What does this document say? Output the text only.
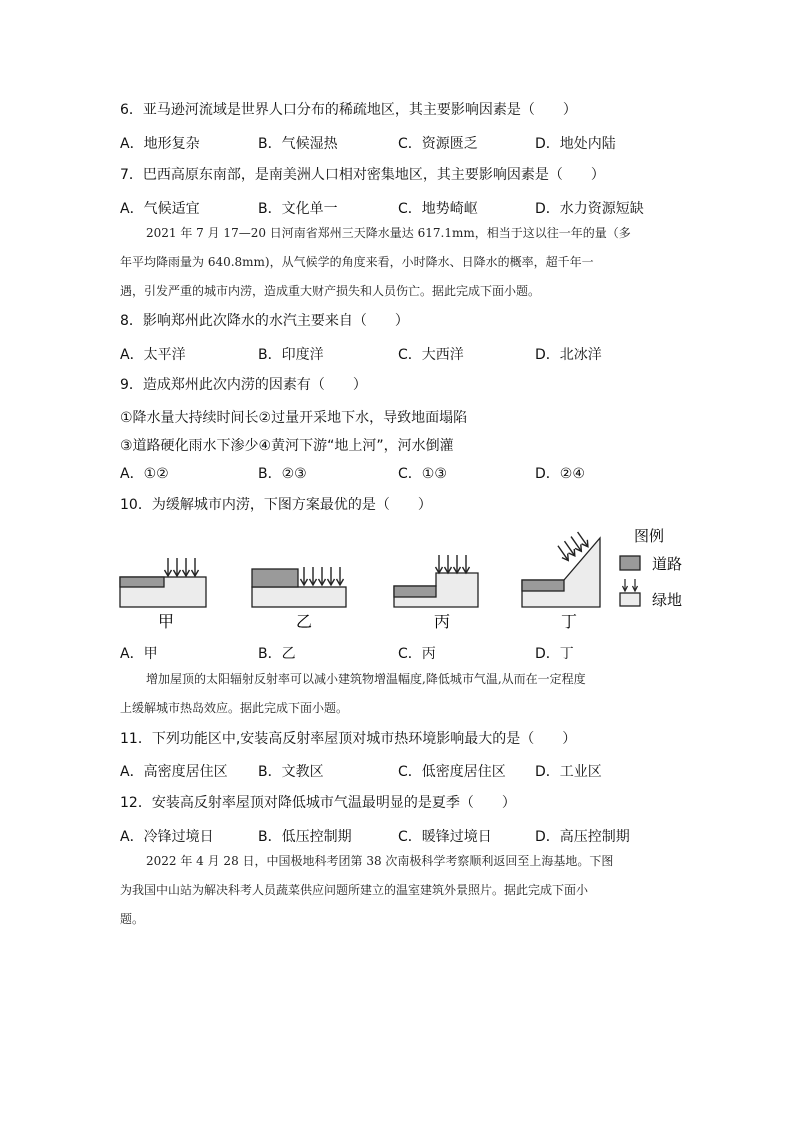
6．亚马逊河流域是世界人口分布的稀疏地区，其主要影响因素是（　　）
A．地形复杂	B．气候湿热	C．资源匮乏	D．地处内陆
7．巴西高原东南部，是南美洲人口相对密集地区，其主要影响因素是（　　）
A．气候适宜	B．文化单一	C．地势崎岖	D．水力资源短缺

2021 年 7 月 17—20 日河南省郑州三天降水量达 617.1mm，相当于这以往一年的量（多

年平均降雨量为 640.8mm)，从气候学的角度来看，小时降水、日降水的概率，超千年一

遇，引发严重的城市内涝，造成重大财产损失和人员伤亡。据此完成下面小题。

8．影响郑州此次降水的水汽主要来自（　　）
A．太平洋	B．印度洋	C．大西洋	D．北冰洋
9．造成郑州此次内涝的因素有（　　）
①降水量大持续时间长②过量开采地下水，导致地面塌陷
③道路硬化雨水下渗少④黄河下游“地上河”，河水倒灌
A．①②	B．②③	C．①③	D．②④
10．为缓解城市内涝，下图方案最优的是（　　）
甲	乙	丙	丁
图例
道路
绿地
A．甲	B．乙	C．丙	D．丁

增加屋顶的太阳辐射反射率可以减小建筑物增温幅度,降低城市气温,从而在一定程度

上缓解城市热岛效应。据此完成下面小题。

11．下列功能区中,安装高反射率屋顶对城市热环境影响最大的是（　　）
A．高密度居住区 B．文教区	C．低密度居住区 D．工业区
12．安装高反射率屋顶对降低城市气温最明显的是夏季（　　）
A．冷锋过境日	B．低压控制期	C．暖锋过境日	D．高压控制期

2022 年 4 月 28 日，中国极地科考团第 38 次南极科学考察顺利返回至上海基地。下图

为我国中山站为解决科考人员蔬菜供应问题所建立的温室建筑外景照片。据此完成下面小

题。
